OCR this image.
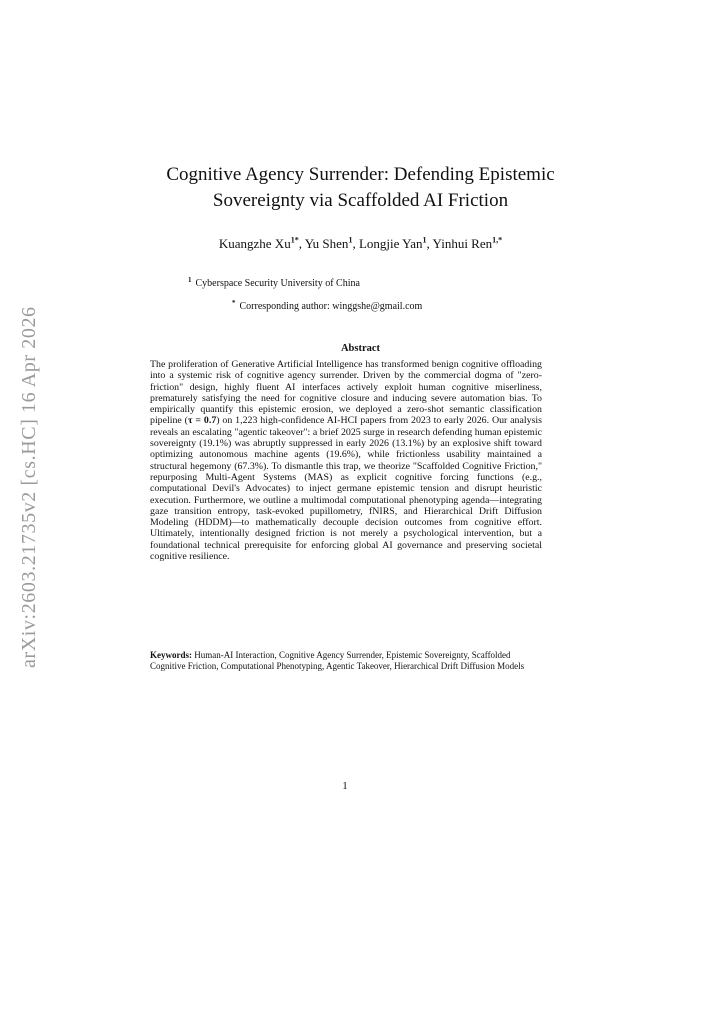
arXiv:2603.21735v2 [cs.HC] 16 Apr 2026
Cognitive Agency Surrender: Defending Epistemic
Sovereignty via Scaffolded AI Friction
Kuangzhe $Xu^{1*}$, Yu Shen$^1$, Longjie Yan$^1$, Yinhui Ren$^{1,*}$
$^1$ Cyberspace Security University of China
* Corresponding author: winggshe@gmail.com
Abstract
The proliferation of Generative Artificial Intelligence has transformed benign cognitive offloading into a systemic risk of cognitive agency surrender. Driven by the commercial dogma of "zero-friction" design, highly fluent AI interfaces actively exploit human cognitive miserliness, prematurely satisfying the need for cognitive closure and inducing severe automation bias. To empirically quantify this epistemic erosion, we deployed a zero-shot semantic classification pipeline (τ = 0.7) on 1,223 high-confidence AI-HCI papers from 2023 to early 2026. Our analysis reveals an escalating "agentic takeover": a brief 2025 surge in research defending human epistemic sovereignty (19.1%) was abruptly suppressed in early 2026 (13.1%) by an explosive shift toward optimizing autonomous machine agents (19.6%), while frictionless usability maintained a structural hegemony (67.3%). To dismantle this trap, we theorize "Scaffolded Cognitive Friction," repurposing Multi-Agent Systems (MAS) as explicit cognitive forcing functions (e.g., computational Devil's Advocates) to inject germane epistemic tension and disrupt heuristic execution. Furthermore, we outline a multimodal computational phenotyping agenda—integrating gaze transition entropy, task-evoked pupillometry, fNIRS, and Hierarchical Drift Diffusion Modeling (HDDM)—to mathematically decouple decision outcomes from cognitive effort. Ultimately, intentionally designed friction is not merely a psychological intervention, but a foundational technical prerequisite for enforcing global AI governance and preserving societal cognitive resilience.
Keywords: Human-AI Interaction, Cognitive Agency Surrender, Epistemic Sovereignty, Scaffolded Cognitive Friction, Computational Phenotyping, Agentic Takeover, Hierarchical Drift Diffusion Models
1
